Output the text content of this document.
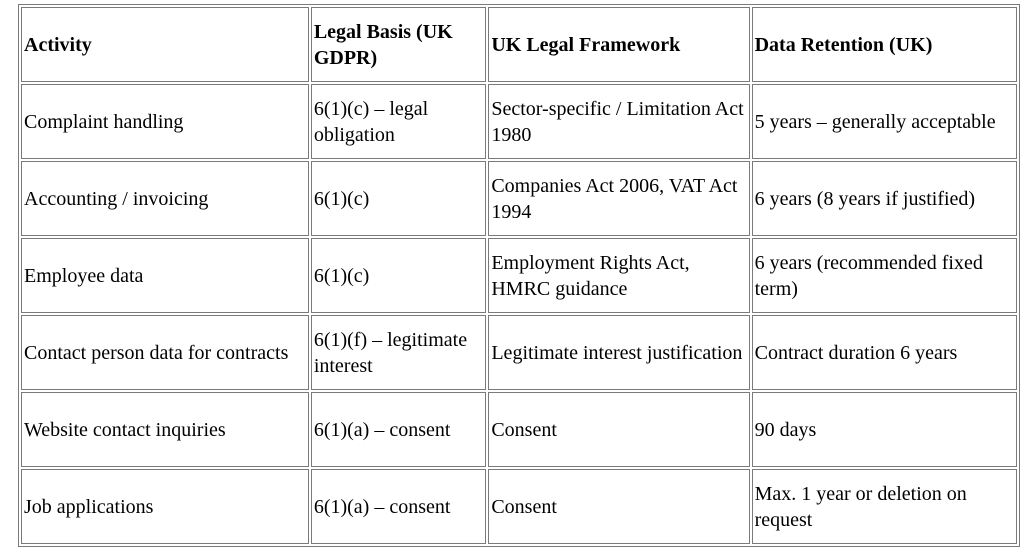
Activity	Legal Basis (UK GDPR)	UK Legal Framework	Data Retention (UK)
Complaint handling	6(1)(c) – legal obligation	Sector-specific / Limitation Act 1980	5 years – generally acceptable
Accounting / invoicing	6(1)(c)	Companies Act 2006, VAT Act 1994	6 years (8 years if justified)
Employee data	6(1)(c)	Employment Rights Act, HMRC guidance	6 years (recommended fixed term)
Contact person data for contracts	6(1)(f) – legitimate interest	Legitimate interest justification	Contract duration 6 years
Website contact inquiries	6(1)(a) – consent	Consent	90 days
Job applications	6(1)(a) – consent	Consent	Max. 1 year or deletion on request
